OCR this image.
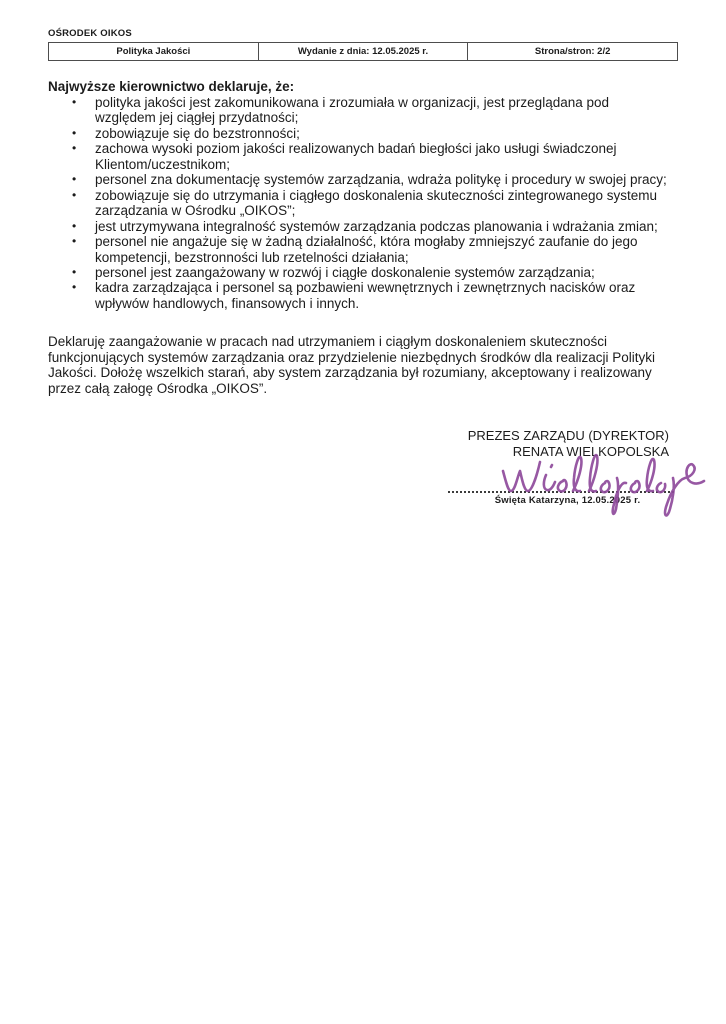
OŚRODEK OIKOS
Polityka Jakości	Wydanie z dnia: 12.05.2025 r.	Strona/stron: 2/2
Najwyższe kierownictwo deklaruje, że:
• polityka jakości jest zakomunikowana i zrozumiała w organizacji, jest przeglądana pod względem jej ciągłej przydatności;
• zobowiązuje się do bezstronności;
• zachowa wysoki poziom jakości realizowanych badań biegłości jako usługi świadczonej Klientom/uczestnikom;
• personel zna dokumentację systemów zarządzania, wdraża politykę i procedury w swojej pracy;
• zobowiązuje się do utrzymania i ciągłego doskonalenia skuteczności zintegrowanego systemu zarządzania w Ośrodku „OIKOS”;
• jest utrzymywana integralność systemów zarządzania podczas planowania i wdrażania zmian;
• personel nie angażuje się w żadną działalność, która mogłaby zmniejszyć zaufanie do jego kompetencji, bezstronności lub rzetelności działania;
• personel jest zaangażowany w rozwój i ciągłe doskonalenie systemów zarządzania;
• kadra zarządzająca i personel są pozbawieni wewnętrznych i zewnętrznych nacisków oraz wpływów handlowych, finansowych i innych.

Deklaruję zaangażowanie w pracach nad utrzymaniem i ciągłym doskonaleniem skuteczności funkcjonujących systemów zarządzania oraz przydzielenie niezbędnych środków dla realizacji Polityki Jakości. Dołożę wszelkich starań, aby system zarządzania był rozumiany, akceptowany i realizowany przez całą załogę Ośrodka „OIKOS”.

PREZES ZARZĄDU (DYREKTOR)
RENATA WIELKOPOLSKA
Święta Katarzyna, 12.05.2025 r.
